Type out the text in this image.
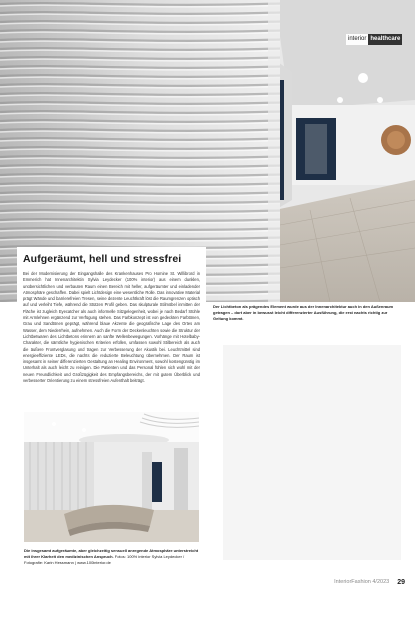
interior healthcare
Aufgeräumt, hell und stressfrei

Bei der Modernisierung der Eingangshalle des Krankenhauses Pro Homine St. Willibrord in Emmerich hat Innenarchitektin Sylvia Leydecker (100% interior) aus einem dunklen, unübersichtlichen und verbauten Raum einen Bereich mit heller, aufgeräumter und einladender Atmosphäre geschaffen. Dabei spielt Lichtdesign eine wesentliche Rolle. Das innovative Material prägt Wände und barrierefreien Tresen, seine dezente Leuchtkraft löst die Raumgrenzen optisch auf und verleiht Tiefe, während die Stützen Profil geben. Das skulpturale Stilmöbel inmitten der Fläche ist zugleich Eyecatcher als auch informelle Sitzgelegenheit, wobei je nach Bedarf Stühle mit Armlehnen ergänzend zur Verfügung stehen. Das Farbkonzept ist von gedeckten Farbtönen, Grau und Sandtönen geprägt, während blaue Akzente die geografische Lage des Ortes am Wasser, dem Niederrhein, aufnehmen. Auch die Form der Deckenleuchten sowie die Struktur der Lichtbetwaren des Lichtbetons erinnern an sanfte Wellenbewegungen. Vorhänge mit Hotelbaby-Charakter, die sämtliche hygienischen Kriterien erfüllen, umfassen sowohl Stilbereich als auch die äußere Frontverglasung und tragen zur Verbesserung der Akustik bei. Leuchtmittel sind energieeffiziente LEDs, die nachts die reduzierte Beleuchtung übernehmen. Der Raum ist insgesamt in seiner differenzierten Gestaltung an Healing Environment, sowohl kostengünstig im Unterhalt als auch leicht zu reinigen. Die Patienten und das Personal fühlen sich wohl mit der neuen Freundlichkeit und Großzügigkeit des Empfangsbereichs, der mit gutem Überblick und verbesserter Orientierung zu einem stressfreien Aufenthalt beiträgt.

Der Lichtbeton als prägendes Element wurde aus der Innenarchitektur auch in den Außenraum getragen – dort aber in bewusst leicht differenzierter Ausführung, die erst nachts richtig zur Geltung kommt.

Die insgesamt aufgeräumte, aber gleichzeitig sensuell anregende Atmosphäre unterstreicht mit ihrer Klarheit den medizinischen Anspruch. Fotos: 100% interior Sylvia Leydecker / Fotografie: Karin Hessmann | www.100interior.de

InteriorFashion 4/2023 29
